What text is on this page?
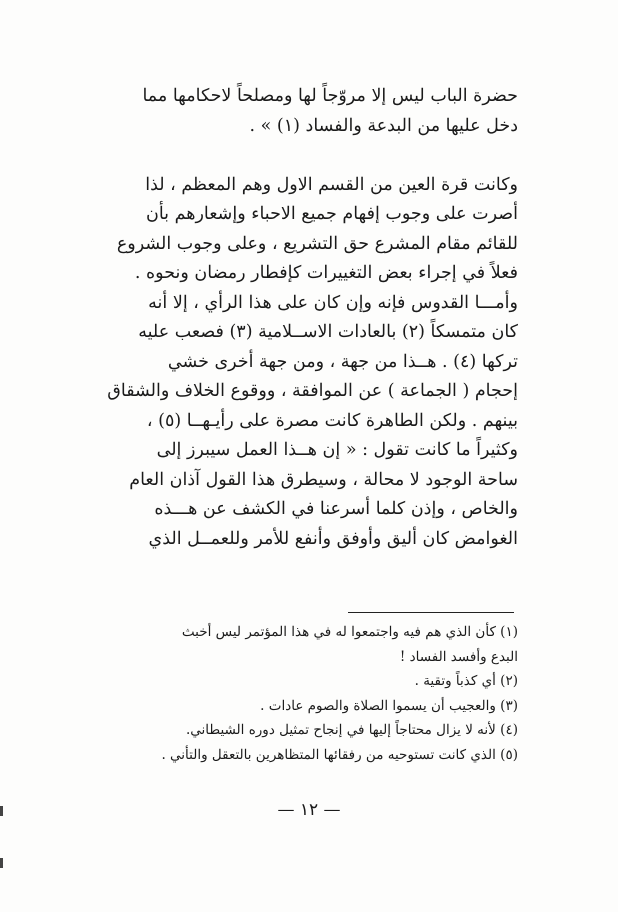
حضرة الباب ليس إلا مروّجاً لها ومصلحاً لاحكامها مما
دخل عليها من البدعة والفساد (١) » .
وكانت قرة العين من القسم الاول وهم المعظم ، لذا
أصرت على وجوب إفهام جميع الاحباء وإشعارهم بأن
للقائم مقام المشرع حق التشريع ، وعلى وجوب الشروع
فعلاً في إجراء بعض التغييرات كإفطار رمضان ونحوه .
وأمـــا القدوس فإنه وإن كان على هذا الرأي ، إلا أنه
كان متمسكاً (٢) بالعادات الاســلامية (٣) فصعب عليه
تركها (٤) . هــذا من جهة ، ومن جهة أخرى خشي
إحجام ( الجماعة ) عن الموافقة ، ووقوع الخلاف والشقاق
بينهم . ولكن الطاهرة كانت مصرة على رأيـهــا (٥) ،
وكثيراً ما كانت تقول : « إن هــذا العمل سيبرز إلى
ساحة الوجود لا محالة ، وسيطرق هذا القول آذان العام
والخاص ، وإذن كلما أسرعنا في الكشف عن هـــذه
الغوامض كان أليق وأوفق وأنفع للأمر وللعمــل الذي
(١) كأن الذي هم فيه واجتمعوا له في هذا المؤتمر ليس أخبث
البدع وأفسد الفساد !
(٢) أي كذباً وتقية .
(٣) والعجيب أن يسموا الصلاة والصوم عادات .
(٤) لأنه لا يزال محتاجاً إليها في إنجاح تمثيل دوره الشيطاني.
(٥) الذي كانت تستوحيه من رفقائها المتظاهرين بالتعقل والتأني .
— ١٢ —
